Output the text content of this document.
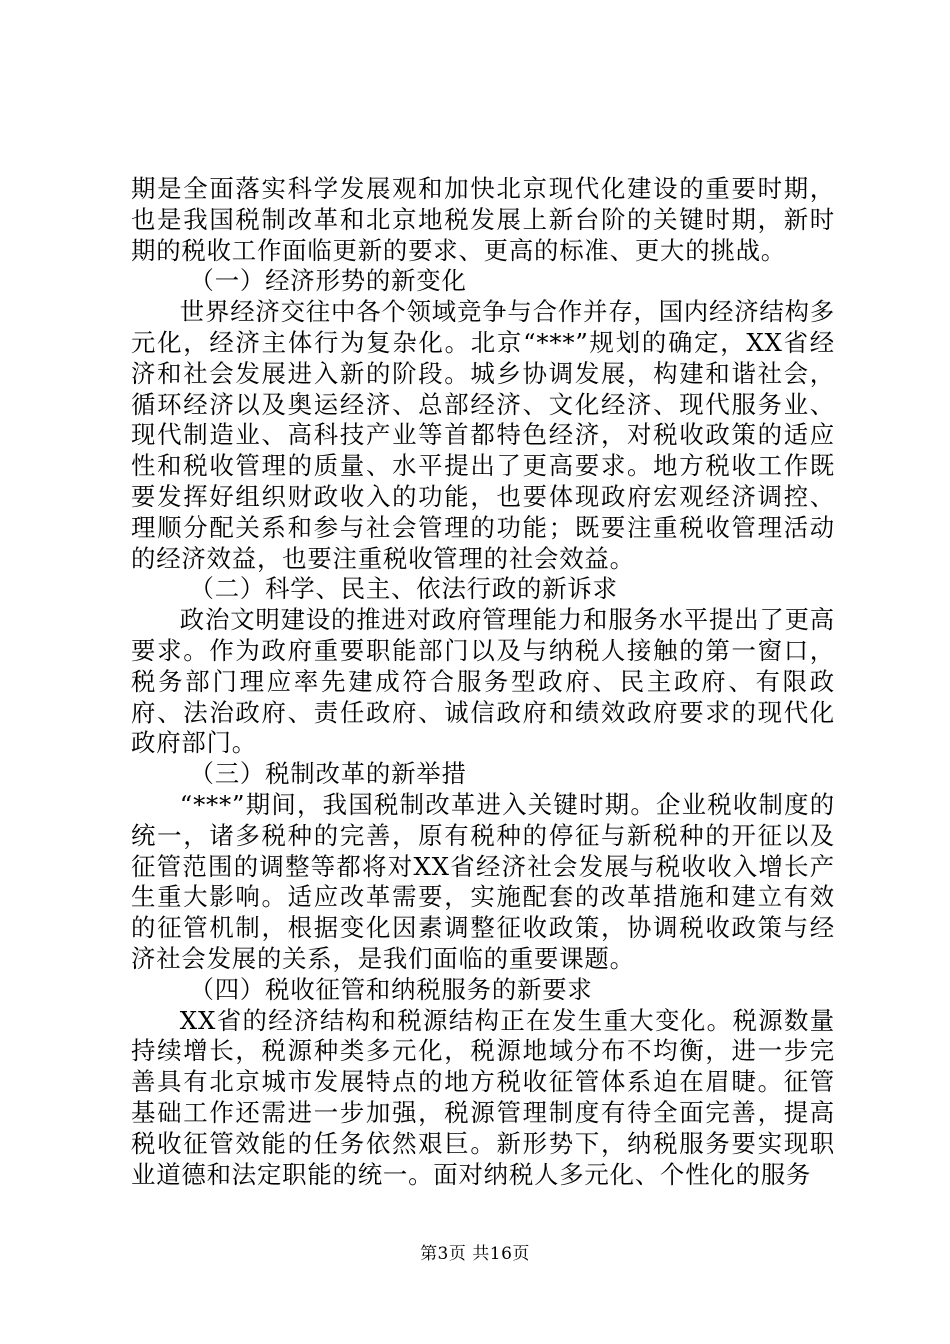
期是全面落实科学发展观和加快北京现代化建设的重要时期，也是我国税制改革和北京地税发展上新台阶的关键时期，新时期的税收工作面临更新的要求、更高的标准、更大的挑战。

（一）经济形势的新变化

世界经济交往中各个领域竞争与合作并存，国内经济结构多元化，经济主体行为复杂化。北京“***”规划的确定，XX省经济和社会发展进入新的阶段。城乡协调发展，构建和谐社会，循环经济以及奥运经济、总部经济、文化经济、现代服务业、现代制造业、高科技产业等首都特色经济，对税收政策的适应性和税收管理的质量、水平提出了更高要求。地方税收工作既要发挥好组织财政收入的功能，也要体现政府宏观经济调控、理顺分配关系和参与社会管理的功能；既要注重税收管理活动的经济效益，也要注重税收管理的社会效益。

（二）科学、民主、依法行政的新诉求

政治文明建设的推进对政府管理能力和服务水平提出了更高要求。作为政府重要职能部门以及与纳税人接触的第一窗口，税务部门理应率先建成符合服务型政府、民主政府、有限政府、法治政府、责任政府、诚信政府和绩效政府要求的现代化政府部门。

（三）税制改革的新举措

“***”期间，我国税制改革进入关键时期。企业税收制度的统一，诸多税种的完善，原有税种的停征与新税种的开征以及征管范围的调整等都将对XX省经济社会发展与税收收入增长产生重大影响。适应改革需要，实施配套的改革措施和建立有效的征管机制，根据变化因素调整征收政策，协调税收政策与经济社会发展的关系，是我们面临的重要课题。

（四）税收征管和纳税服务的新要求

XX省的经济结构和税源结构正在发生重大变化。税源数量持续增长，税源种类多元化，税源地域分布不均衡，进一步完善具有北京城市发展特点的地方税收征管体系迫在眉睫。征管基础工作还需进一步加强，税源管理制度有待全面完善，提高税收征管效能的任务依然艰巨。新形势下，纳税服务要实现职业道德和法定职能的统一。面对纳税人多元化、个性化的服务

第3页 共16页
